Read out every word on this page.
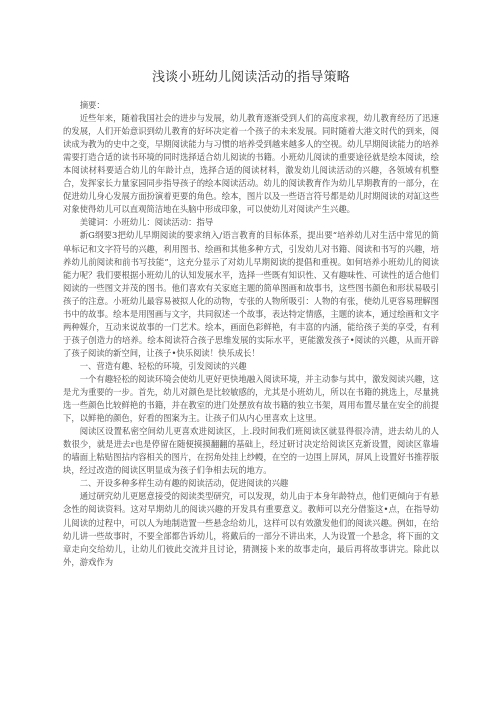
浅谈小班幼儿阅读活动的指导策略

摘要：

近些年来，随着我国社会的进步与发展，幼儿教育逐渐受到人们的高度求视，幼儿教育经历了迅速的发展，人们开始意识到幼儿教育的好坏决定着一个孩子的未来发展。同时随着大港文时代的到来，阅读成为教为的史中之变，早期阅读能力与习惯的培养受到越来越多人的空视。幼儿早期阅读能力的培养需要打造合适的读书环境的同时选择适合幼儿阅读的书籍。小班幼儿阅读的重要途径就是绘本阅读，绘本阅读材料要适合幼儿的年龄计点，选择合适的阅读材料，激发幼儿阅读活动的兴趣，各领域有机整合，发挥家长力量家园同步指导孩子的绘本阅读活动。幼儿的阅读教育作为幼儿早期教育的一部分，在促进幼儿身心发展方面扮演着更要的角色。绘本，图片以及一些语言符号都是幼儿时期阅读的对缸这些对象使得幼儿可以直观简洁地在头脑中形成印象，可以使幼儿对阅读产生兴趣。

美键词：小班幼儿：阅读活动：指导

新G纲要3把幼儿早期阅读的要求纳入/语言教育的目标体系，提出要“培养幼儿对生活中常见的简单标记和文字符号的兴趣，利用图书、绘画和其他多种方式，引发幼儿对书籍、阅读和书写的兴趣，培养幼儿前阅读和前书写技能”，这充分显示了对幼儿早期阅读的提倡和重视。如何培养小班幼儿的阅读能力呢？我们要根据小班幼儿的认知发展水平，选择一些既有知识性、又有趣味性、可读性的适合他们阅读的一些图文并茂的图书。他们喜欢有关家庭主题的简单图画和故事书，这些图书颜色和形状易吸引孩子的注意。小班幼儿最容易被拟人化的动物，专张的人物所吸引：人物的有张，使幼儿更容易理解图书中的故事。绘本是用图画与文字，共同叙述一个故事，表达特定情感，主题的读本，通过绘画和文字两种媒介，互动来说故事的一门艺术。绘本，画面色彩鲜艳，有丰富的内涵，能给孩子美的享受，有利于孩子创造力的培养。绘本阅读符合孩子思维发展的实际水平，更能激发孩子•阅读的兴趣，从而开辟了孩子阅读的新空间，让孩子•快乐阅读！快乐成长！

一、营造有趣、轻松的环境，引发阅读的兴趣

一个有趣轻松的阅读环境会使幼儿更好更快地融入阅读环境，并主动参与其中，激发阅读兴趣，这是尤为重要的一步。首先，幼儿对颜色是比较敏感的，尤其是小班幼儿，所以在书籍的挑选上，尽量挑选一些颜色比较鲜艳的书籍，并在教室的进门处摆放有故书籍的独立书架，周用布置尽量在安全的前提下，以鲜艳的颜色，好看的图案为主。让孩子们从内心里喜欢上这里。

阅读区设置私密空间幼儿更喜欢进阅读区，上.段时间我们班阅读区就显得很冷清，进去幼儿的人数很少，就是进去r也是停留在随便摸摸翻翻的基础上，经过研讨决定给阅读区克新设置，阅读区靠墙的墙面上粘贴图拈内容相关的图片，在拐角处挂上纱幔，在空的一边围上屏风，屏风上设置好书推荐版块，经过改造的阅读区明显成为孩子们争相去玩的地方。

二、开设多种多样生动有趣的阅读活动，促进阅读的兴趣

通过研究幼儿更愿意接受的阅读类型研究，可以发现，幼儿由于本身年龄特点，他们更倾向于有悬念性的阅读资料。这对早期幼儿的阅读兴趣的开发具有重要意义。教师可以充分借鉴这•点，在指导幼儿阅读的过程中，可以人为地制造置一些悬念给幼儿，这样可以有效激发他们的阅读兴趣。例如，在给幼儿讲一些故事时，不要全部都告诉幼儿，将戴后的一部分不讲出来，人为设置一个悬念，将下面的文章走向交给幼儿，让幼儿们彼此交流并且讨论，猜测接卜来的故事走向，最后再将故事讲完。除此以外，游戏作为
